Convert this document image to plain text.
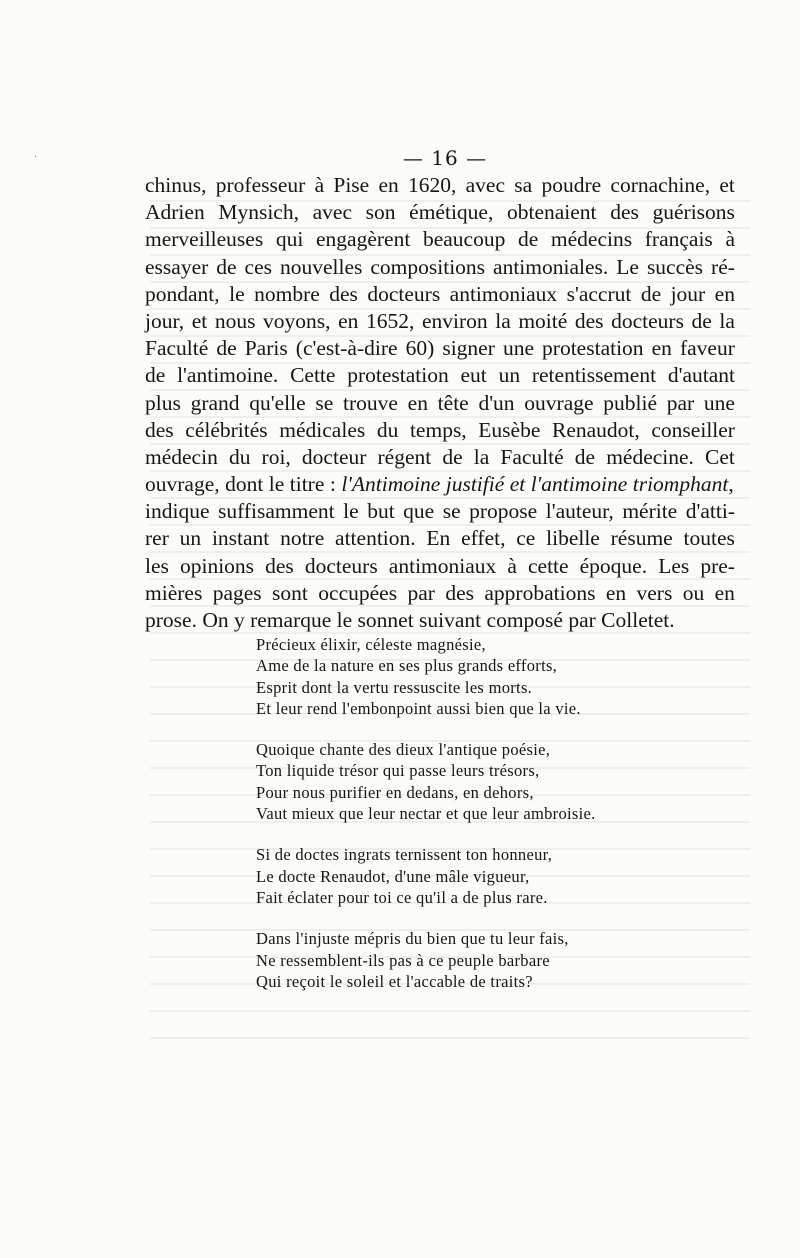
·	— 16 —
chinus, professeur à Pise en 1620, avec sa poudre cornachine, et
Adrien Mynsich, avec son émétique, obtenaient des guérisons
merveilleuses qui engagèrent beaucoup de médecins français à
essayer de ces nouvelles compositions antimoniales. Le succès ré-
pondant, le nombre des docteurs antimoniaux s'accrut de jour en
jour, et nous voyons, en 1652, environ la moité des docteurs de la
Faculté de Paris (c'est-à-dire 60) signer une protestation en faveur
de l'antimoine. Cette protestation eut un retentissement d'autant
plus grand qu'elle se trouve en tête d'un ouvrage publié par une
des célébrités médicales du temps, Eusèbe Renaudot, conseiller
médecin du roi, docteur régent de la Faculté de médecine. Cet
ouvrage, dont le titre : l'Antimoine justifié et l'antimoine triomphant,
indique suffisamment le but que se propose l'auteur, mérite d'atti-
rer un instant notre attention. En effet, ce libelle résume toutes
les opinions des docteurs antimoniaux à cette époque. Les pre-
mières pages sont occupées par des approbations en vers ou en
prose. On y remarque le sonnet suivant composé par Colletet.
Précieux élixir, céleste magnésie,
Ame de la nature en ses plus grands efforts,
Esprit dont la vertu ressuscite les morts.
Et leur rend l'embonpoint aussi bien que la vie.
Quoique chante des dieux l'antique poésie,
Ton liquide trésor qui passe leurs trésors,
Pour nous purifier en dedans, en dehors,
Vaut mieux que leur nectar et que leur ambroisie.
Si de doctes ingrats ternissent ton honneur,
Le docte Renaudot, d'une mâle vigueur,
Fait éclater pour toi ce qu'il a de plus rare.
Dans l'injuste mépris du bien que tu leur fais,
Ne ressemblent-ils pas à ce peuple barbare
Qui reçoit le soleil et l'accable de traits?
